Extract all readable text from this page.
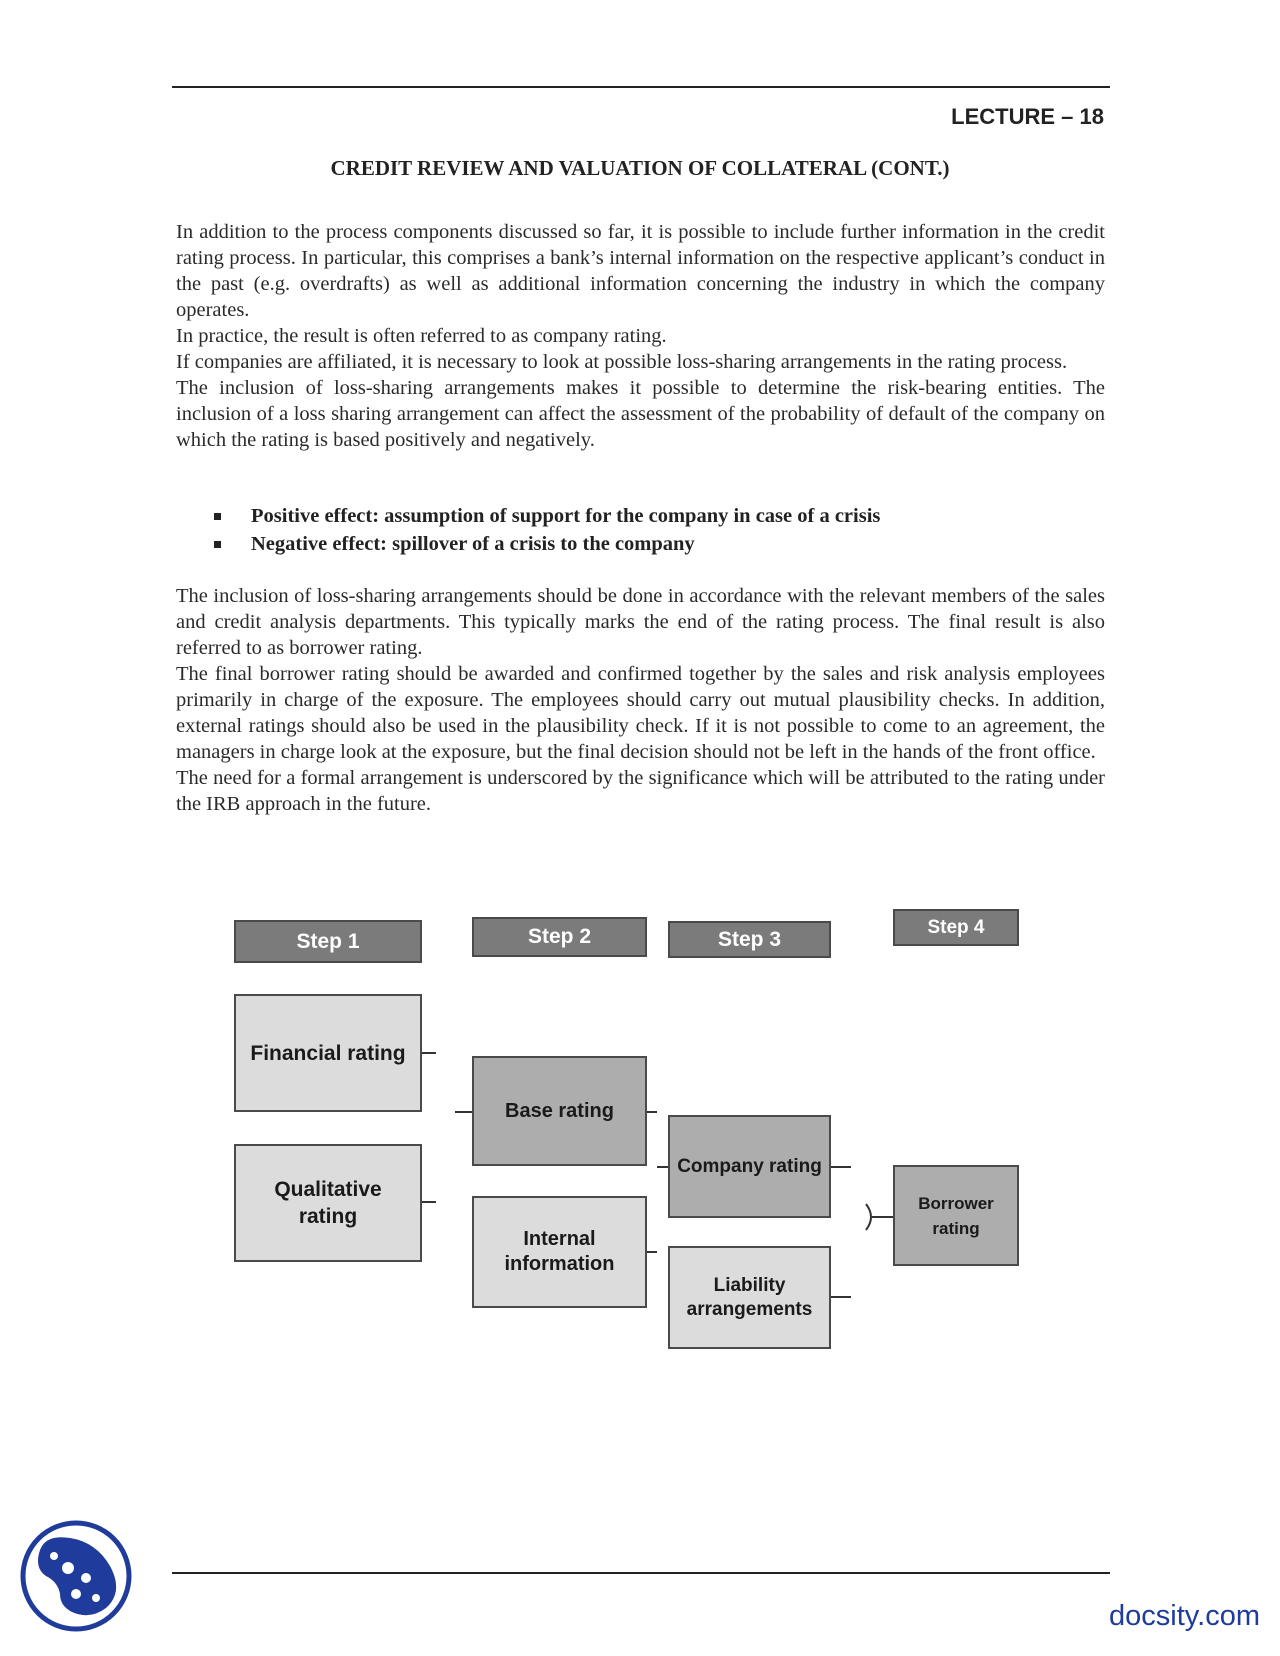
LECTURE – 18
CREDIT REVIEW AND VALUATION OF COLLATERAL (CONT.)

In addition to the process components discussed so far, it is possible to include further information in the credit rating process. In particular, this comprises a bank’s internal information on the respective applicant’s conduct in the past (e.g. overdrafts) as well as additional information concerning the industry in which the company operates.

In practice, the result is often referred to as company rating.

If companies are affiliated, it is necessary to look at possible loss-sharing arrangements in the rating process.

The inclusion of loss-sharing arrangements makes it possible to determine the risk-bearing entities. The inclusion of a loss sharing arrangement can affect the assessment of the probability of default of the company on which the rating is based positively and negatively.

Positive effect: assumption of support for the company in case of a crisis
Negative effect: spillover of a crisis to the company

The inclusion of loss-sharing arrangements should be done in accordance with the relevant members of the sales and credit analysis departments. This typically marks the end of the rating process. The final result is also referred to as borrower rating.

The final borrower rating should be awarded and confirmed together by the sales and risk analysis employees primarily in charge of the exposure. The employees should carry out mutual plausibility checks. In addition, external ratings should also be used in the plausibility check. If it is not possible to come to an agreement, the managers in charge look at the exposure, but the final decision should not be left in the hands of the front office.

The need for a formal arrangement is underscored by the significance which will be attributed to the rating under the IRB approach in the future.

Step 1	Step 2	Step 3
Step 4
Financial rating
Qualitative rating
Base rating
Internal information
Company rating
Liability arrangements
Borrower rating
docsity.com
